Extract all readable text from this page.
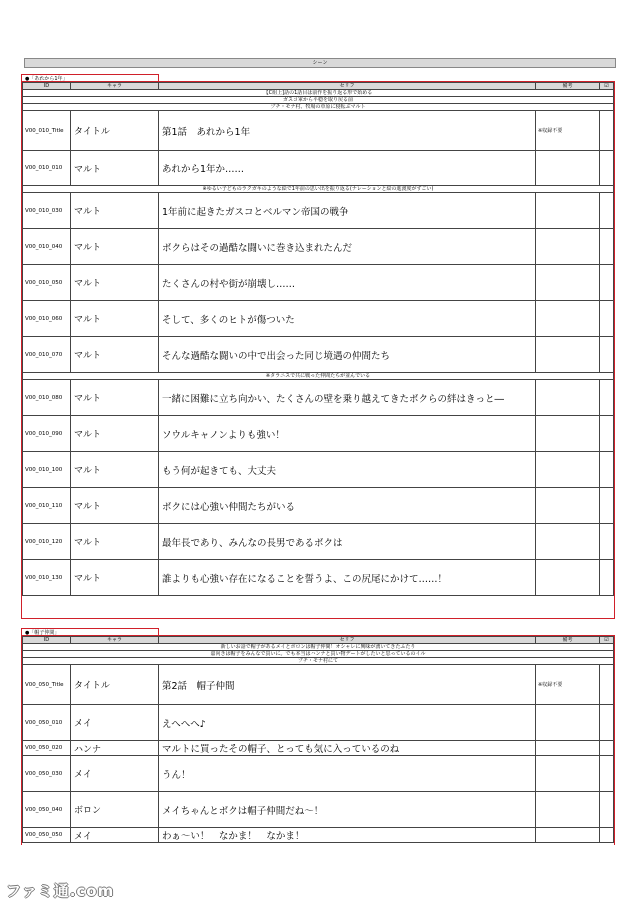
シーン
●「あれから1年」
ID	キャラ	セリフ	備考	☑
【C組上]話の1話目は前作を振り返る形で始める				
ガスコ軍から平穏を取り戻る前				
プチ・モナ村、牧場の草原に寝転ぶマルト				
V00_010_Title	タイトル	第1話　あれから1年	※収録不要	
V00_010_010	マルト	あれから1年か……		
※ゆるい子どものラクガキのような絵で1年前の思い出を振り返る(ナレーションと絵の進渡度がずごい)				
V00_010_030	マルト	1年前に起きたガスコとベルマン帝国の戦争		
V00_010_040	マルト	ボクらはその過酷な闘いに巻き込まれたんだ		
V00_010_050	マルト	たくさんの村や街が崩壊し……		
V00_010_060	マルト	そして、多くのヒトが傷ついた		
V00_010_070	マルト	そんな過酷な闘いの中で出会った同じ境遇の仲間たち		
※タラニスで共に戦った仲間たちが並んでいる				
V00_010_080	マルト	一緒に困難に立ち向かい、たくさんの壁を乗り越えてきたボクらの絆はきっと―		
V00_010_090	マルト	ソウルキャノンよりも強い！		
V00_010_100	マルト	もう何が起きても、大丈夫		
V00_010_110	マルト	ボクには心強い仲間たちがいる		
V00_010_120	マルト	最年長であり、みんなの長男であるボクは		
V00_010_130	マルト	誰よりも心強い存在になることを誓うよ、この尻尾にかけて……！		
●「帽子仲間」
ID	キャラ	セリフ	備考	☑
新しいお話で帽子があるメイとボロンは帽子仲間！オシャレに興味が湧いてきたふたり				
嘉向きは帽子をみんなで買いに。でも本当はハンナと買い物デートがしたいと思っているのイル				
プチ・モナ村にて				
V00_050_Title	タイトル	第2話　帽子仲間	※収録不要	
V00_050_010	メイ	えへへへ♪		
V00_050_020	ハンナ	マルトに買ったその帽子、とっても気に入っているのね		
V00_050_030	メイ	うん！		
V00_050_040	ボロン	メイちゃんとボクは帽子仲間だね～！		
V00_050_050	メイ	わぁ～い！　なかま！　なかま！		
ファミ通.com
